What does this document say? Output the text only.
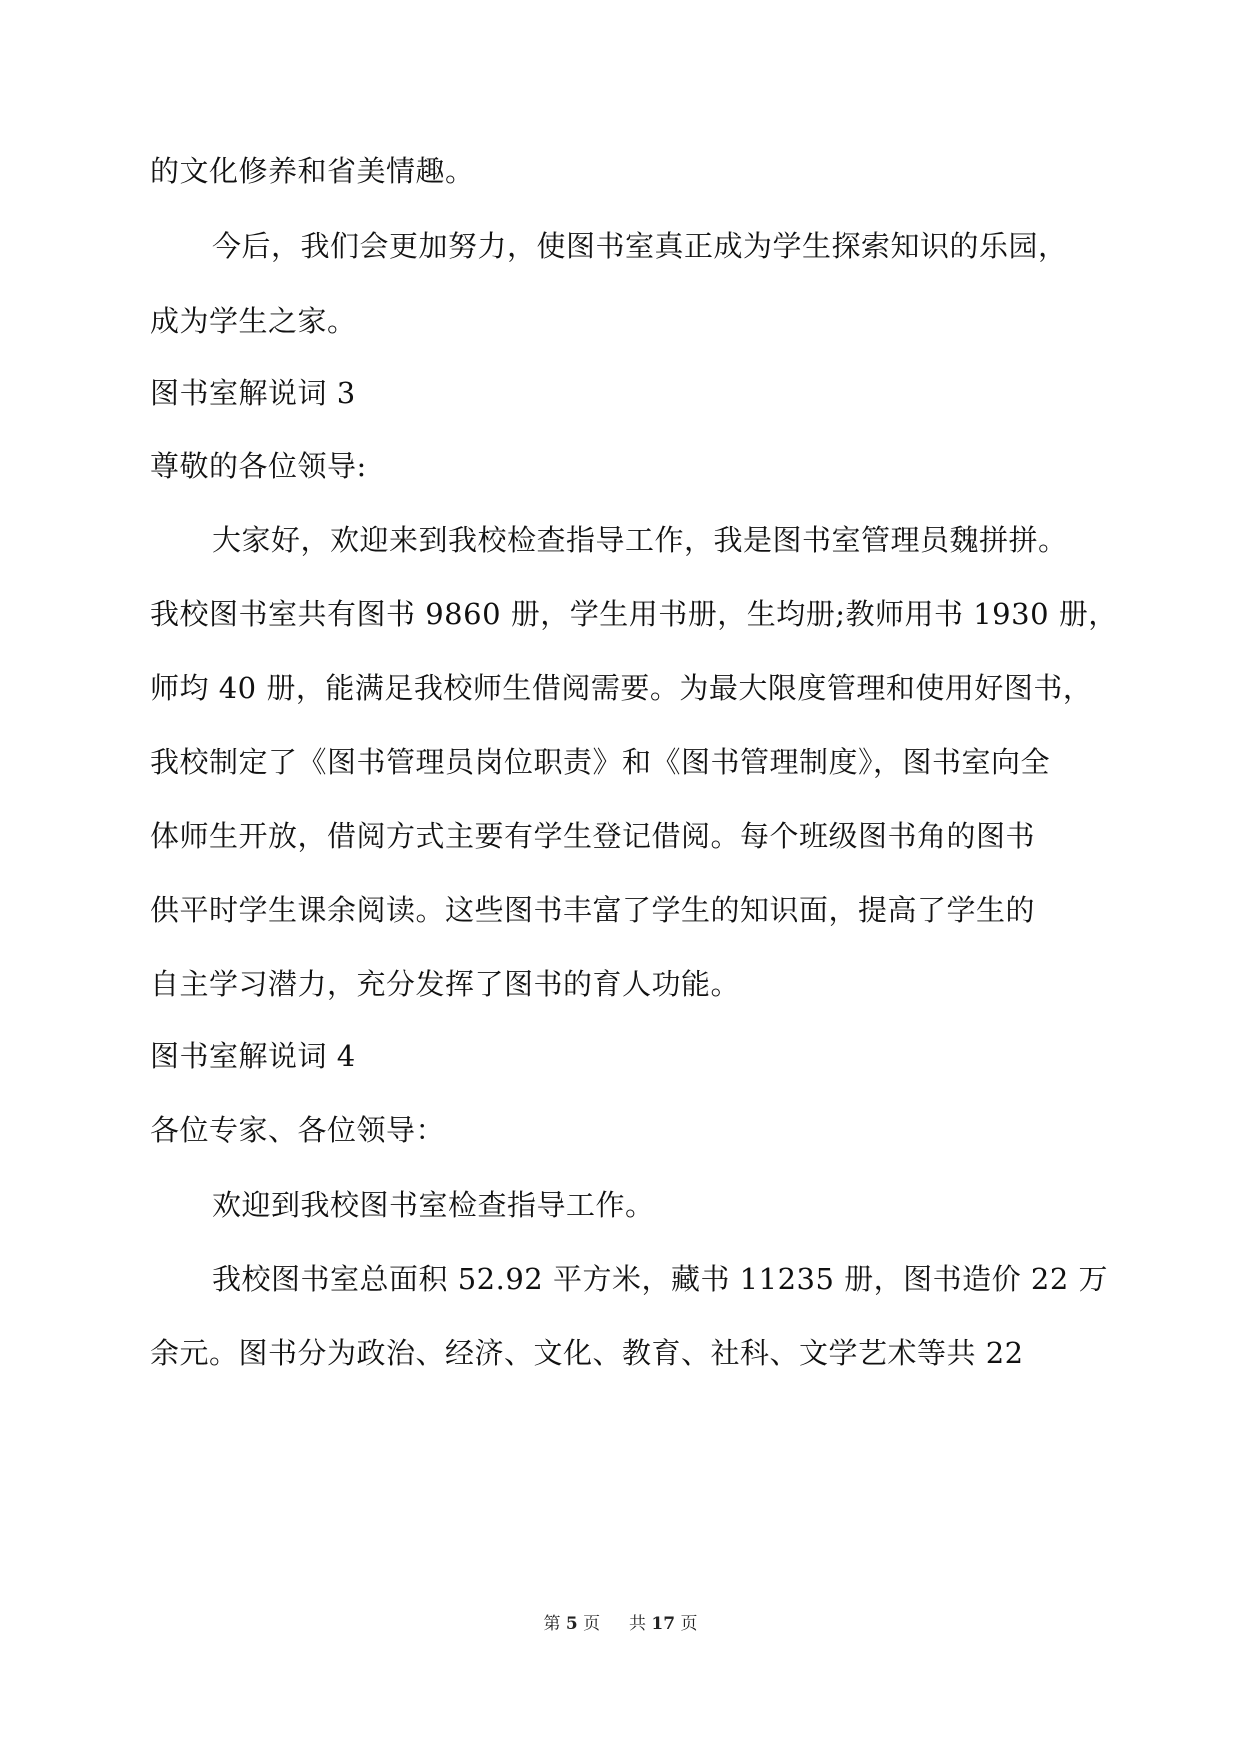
的文化修养和省美情趣。
今后，我们会更加努力，使图书室真正成为学生探索知识的乐园，
成为学生之家。
图书室解说词 3
尊敬的各位领导:
大家好，欢迎来到我校检查指导工作，我是图书室管理员魏拼拼。
我校图书室共有图书 9860 册，学生用书册，生均册;教师用书 1930 册，
师均 40 册，能满足我校师生借阅需要。为最大限度管理和使用好图书，
我校制定了《图书管理员岗位职责》和《图书管理制度》，图书室向全
体师生开放，借阅方式主要有学生登记借阅。每个班级图书角的图书
供平时学生课余阅读。这些图书丰富了学生的知识面，提高了学生的
自主学习潜力，充分发挥了图书的育人功能。
图书室解说词 4
各位专家、各位领导：
欢迎到我校图书室检查指导工作。
我校图书室总面积 52.92 平方米，藏书 11235 册，图书造价 22 万
余元。图书分为政治、经济、文化、教育、社科、文学艺术等共 22
第 5 页 共 17 页
